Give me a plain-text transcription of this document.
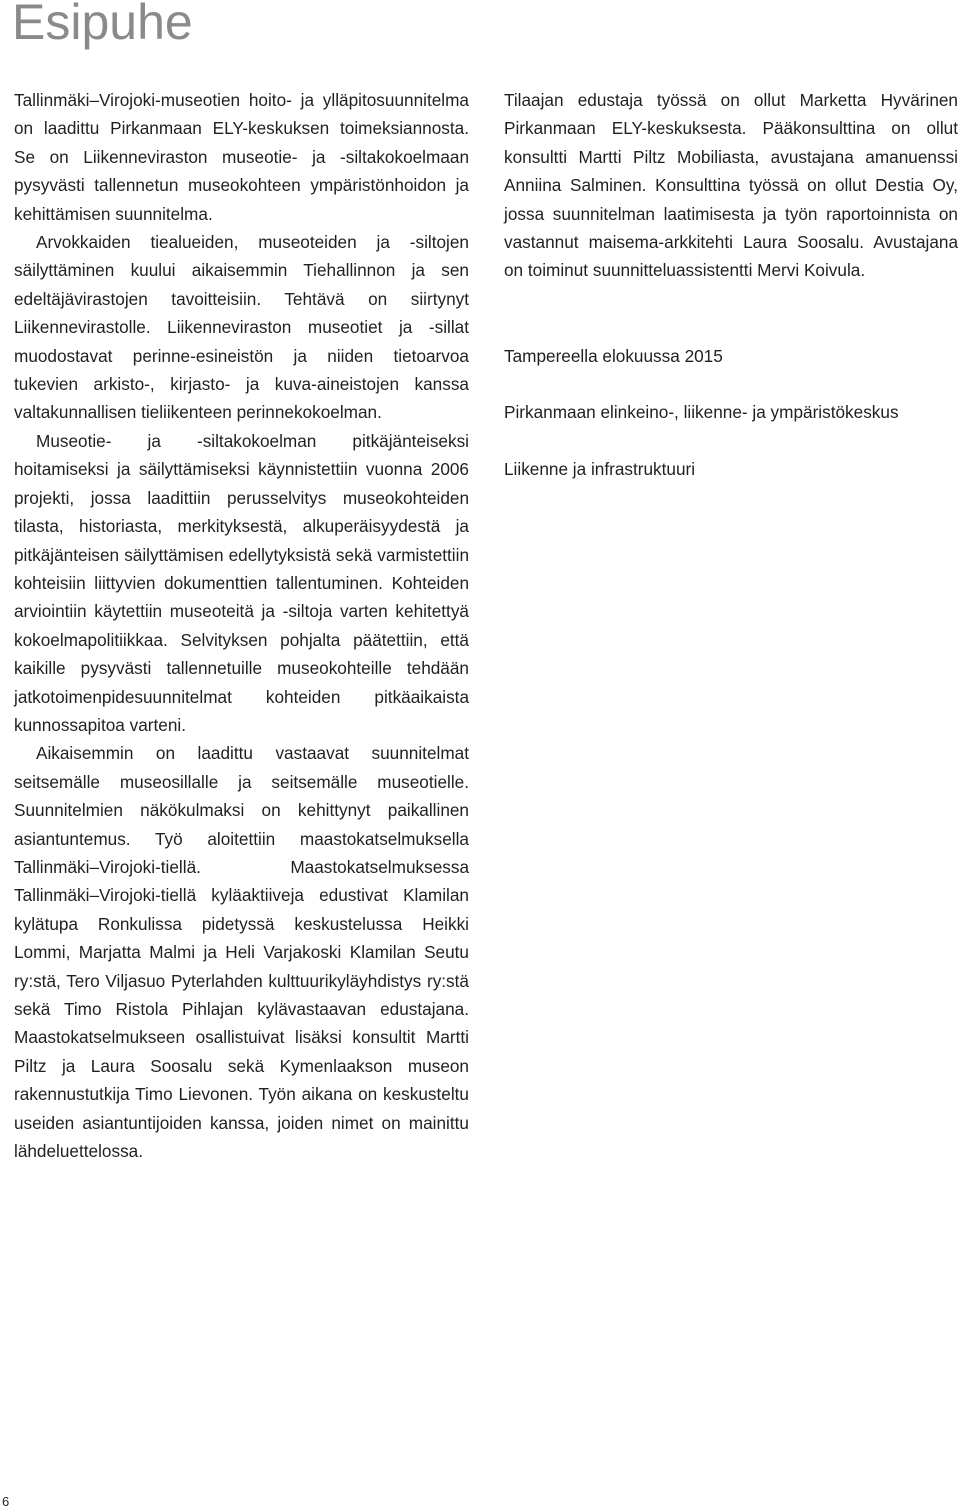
Esipuhe

Tallinmäki–Virojoki-museotien hoito- ja ylläpitosuunnitelma on laadittu Pirkanmaan ELY-keskuksen toimeksiannosta. Se on Liikenneviraston museotie- ja -siltakokoelmaan pysyvästi tallennetun museokohteen ympäristönhoidon ja kehittämisen suunnitelma.

Arvokkaiden tiealueiden, museoteiden ja -siltojen säilyttäminen kuului aikaisemmin Tiehallinnon ja sen edeltäjävirastojen tavoitteisiin. Tehtävä on siirtynyt Liikennevirastolle. Liikenneviraston museotiet ja -sillat muodostavat perinne-esineistön ja niiden tietoarvoa tukevien arkisto-, kirjasto- ja kuva-aineistojen kanssa valtakunnallisen tieliikenteen perinnekokoelman.

Museotie- ja -siltakokoelman pitkäjänteiseksi hoitamiseksi ja säilyttämiseksi käynnistettiin vuonna 2006 projekti, jossa laadittiin perusselvitys museokohteiden tilasta, historiasta, merkityksestä, alkuperäisyydestä ja pitkäjänteisen säilyttämisen edellytyksistä sekä varmistettiin kohteisiin liittyvien dokumenttien tallentuminen. Kohteiden arviointiin käytettiin museoteitä ja -siltoja varten kehitettyä kokoelmapolitiikkaa. Selvityksen pohjalta päätettiin, että kaikille pysyvästi tallennetuille museokohteille tehdään jatkotoimenpidesuunnitelmat kohteiden pitkäaikaista kunnossapitoa varteni.

Aikaisemmin on laadittu vastaavat suunnitelmat seitsemälle museosillalle ja seitsemälle museotielle. Suunnitelmien näkökulmaksi on kehittynyt paikallinen asiantuntemus. Työ aloitettiin maastokatselmuksella Tallinmäki–Virojoki-tiellä. Maastokatselmuksessa Tallinmäki–Virojoki-tiellä kyläaktiiveja edustivat Klamilan kylätupa Ronkulissa pidetyssä keskustelussa Heikki Lommi, Marjatta Malmi ja Heli Varjakoski Klamilan Seutu ry:stä, Tero Viljasuo Pyterlahden kulttuurikyläyhdistys ry:stä sekä Timo Ristola Pihlajan kylävastaavan edustajana. Maastokatselmukseen osallistuivat lisäksi konsultit Martti Piltz ja Laura Soosalu sekä Kymenlaakson museon rakennustutkija Timo Lievonen. Työn aikana on keskusteltu useiden asiantuntijoiden kanssa, joiden nimet on mainittu lähdeluettelossa.

Tilaajan edustaja työssä on ollut Marketta Hyvärinen Pirkanmaan ELY-keskuksesta. Pääkonsulttina on ollut konsultti Martti Piltz Mobiliasta, avustajana amanuenssi Anniina Salminen. Konsulttina työssä on ollut Destia Oy, jossa suunnitelman laatimisesta ja työn raportoinnista on vastannut maisema-arkkitehti Laura Soosalu. Avustajana on toiminut suunnitteluassistentti Mervi Koivula.

Tampereella elokuussa 2015

Pirkanmaan elinkeino-, liikenne- ja ympäristökeskus

Liikenne ja infrastruktuuri

6
